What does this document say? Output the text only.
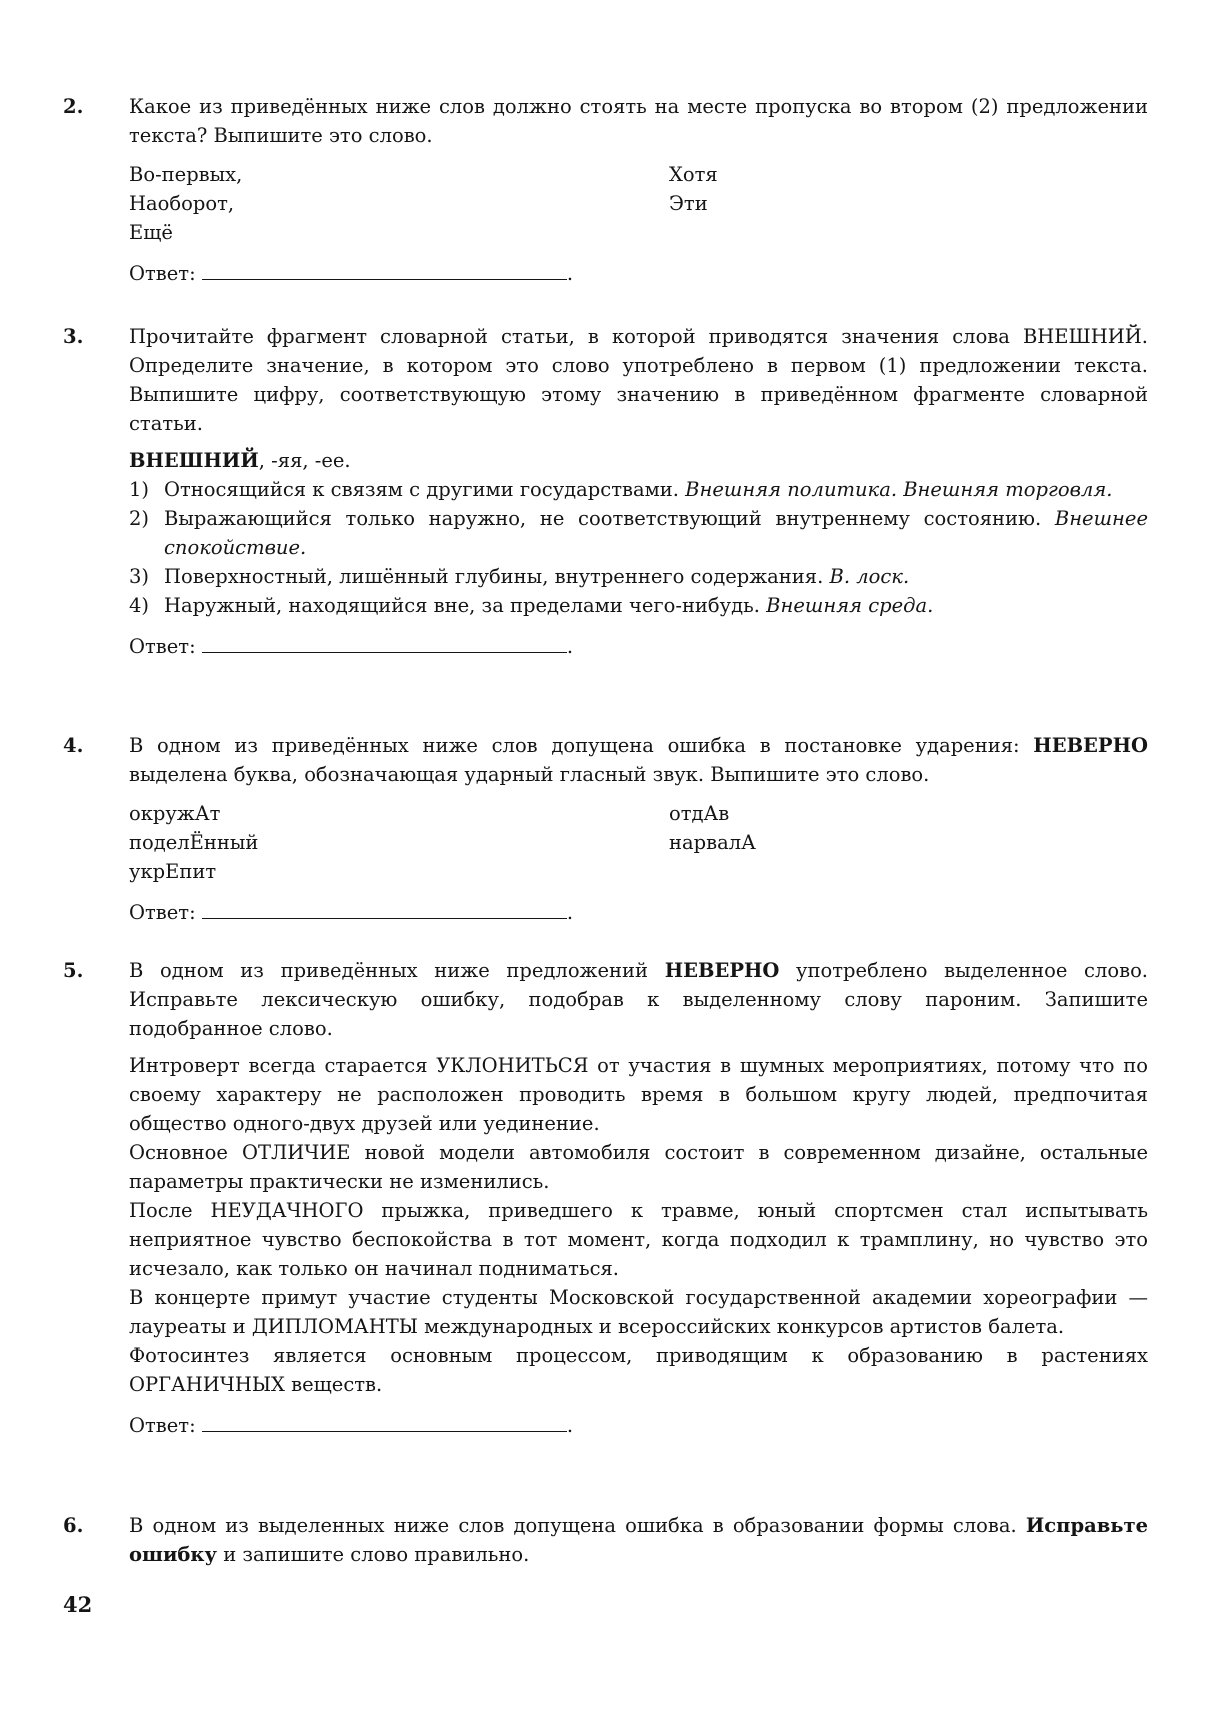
2. Какое из приведённых ниже слов должно стоять на месте пропуска во втором (2) предложении текста? Выпишите это слово.
Во-первых,
Наоборот,
Ещё
Хотя
Эти
Ответ:	.
3. Прочитайте фрагмент словарной статьи, в которой приводятся значения слова ВНЕШНИЙ. Определите значение, в котором это слово употреблено в первом (1) предложении текста. Выпишите цифру, соответствующую этому значению в приведённом фрагменте словарной статьи.
ВНЕШНИЙ, -яя, -ее.
1) Относящийся к связям с другими государствами. Внешняя политика. Внешняя торговля.
2) Выражающийся только наружно, не соответствующий внутреннему состоянию. Внешнее спокойствие.
3) Поверхностный, лишённый глубины, внутреннего содержания. В. лоск.
4) Наружный, находящийся вне, за пределами чего-нибудь. Внешняя среда.
Ответ:	.
4. В одном из приведённых ниже слов допущена ошибка в постановке ударения: НЕВЕРНО выделена буква, обозначающая ударный гласный звук. Выпишите это слово.
окружАт
поделЁнный
укрЕпит
отдАв
нарвалА
Ответ:	.
5. В одном из приведённых ниже предложений НЕВЕРНО употреблено выделенное слово. Исправьте лексическую ошибку, подобрав к выделенному слову пароним. Запишите подобранное слово.
Интроверт всегда старается УКЛОНИТЬСЯ от участия в шумных мероприятиях, потому что по своему характеру не расположен проводить время в большом кругу людей, предпочитая общество одного-двух друзей или уединение.
Основное ОТЛИЧИЕ новой модели автомобиля состоит в современном дизайне, остальные параметры практически не изменились.
После НЕУДАЧНОГО прыжка, приведшего к травме, юный спортсмен стал испытывать неприятное чувство беспокойства в тот момент, когда подходил к трамплину, но чувство это исчезало, как только он начинал подниматься.
В концерте примут участие студенты Московской государственной академии хореографии — лауреаты и ДИПЛОМАНТЫ международных и всероссийских конкурсов артистов балета.
Фотосинтез является основным процессом, приводящим к образованию в растениях ОРГАНИЧНЫХ веществ.
Ответ:	.
6. В одном из выделенных ниже слов допущена ошибка в образовании формы слова. Исправьте ошибку и запишите слово правильно.
42
